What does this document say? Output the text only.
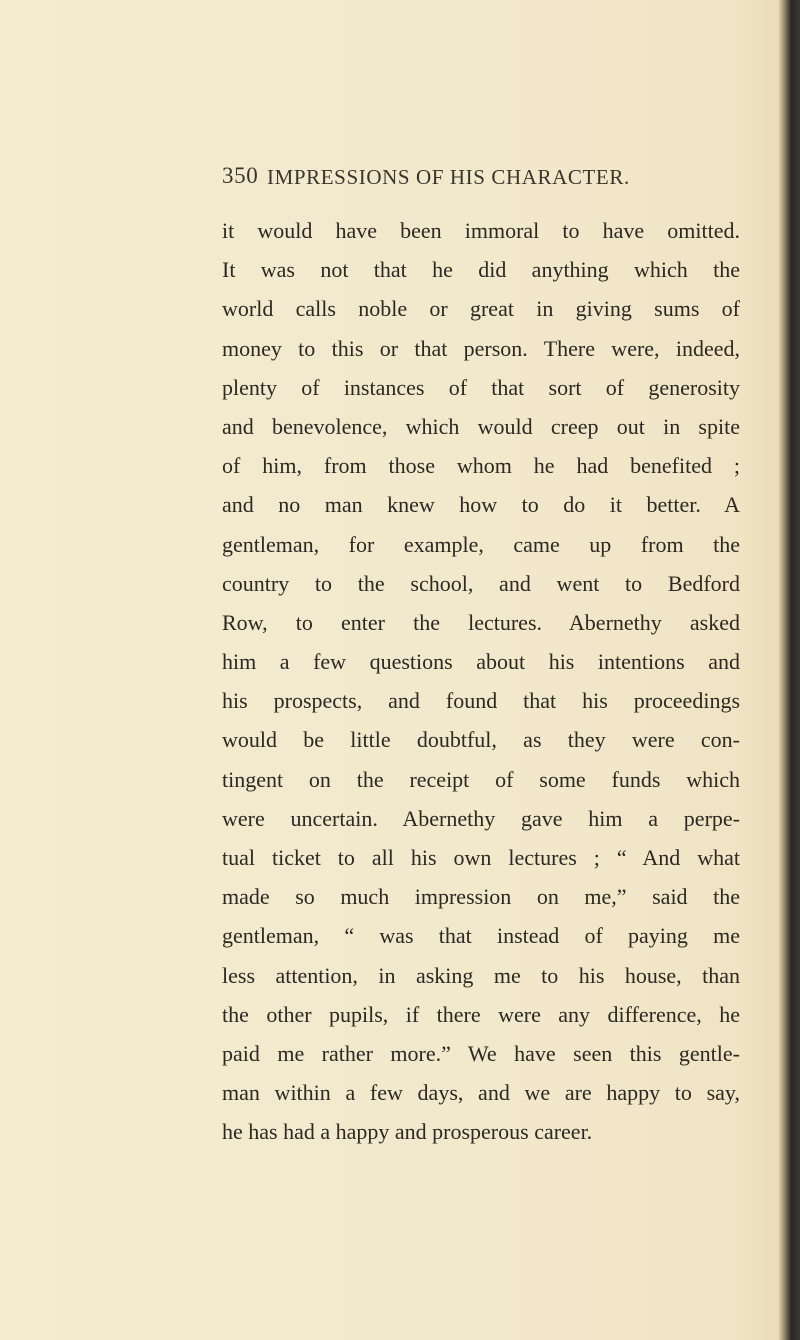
350 IMPRESSIONS OF HIS CHARACTER.
it would have been immoral to have omitted.
It was not that he did anything which the
world calls noble or great in giving sums of
money to this or that person. There were, indeed,
plenty of instances of that sort of generosity
and benevolence, which would creep out in spite
of him, from those whom he had benefited ;
and no man knew how to do it better. A
gentleman, for example, came up from the
country to the school, and went to Bedford
Row, to enter the lectures. Abernethy asked
him a few questions about his intentions and
his prospects, and found that his proceedings
would be little doubtful, as they were con-
tingent on the receipt of some funds which
were uncertain. Abernethy gave him a perpe-
tual ticket to all his own lectures ; “ And what
made so much impression on me,” said the
gentleman, “ was that instead of paying me
less attention, in asking me to his house, than
the other pupils, if there were any difference, he
paid me rather more.” We have seen this gentle-
man within a few days, and we are happy to say,
he has had a happy and prosperous career.
